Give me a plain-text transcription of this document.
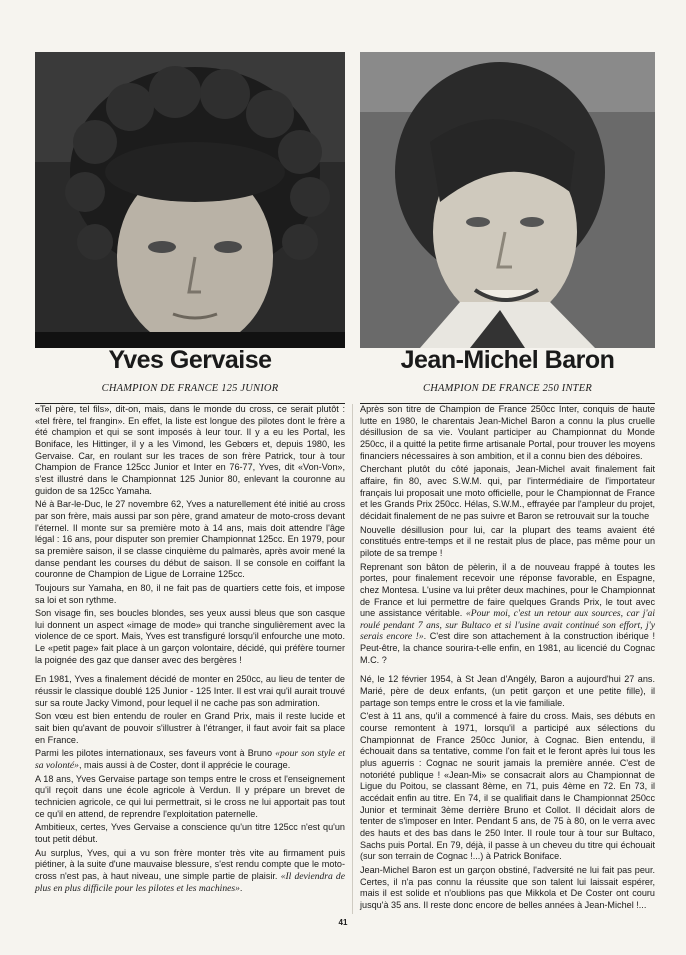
Yves Gervaise
CHAMPION DE FRANCE 125 JUNIOR

«Tel père, tel fils», dit-on, mais, dans le monde du cross, ce serait plutôt : «tel frère, tel frangin». En effet, la liste est longue des pilotes dont le frère a été champion et qui se sont imposés à leur tour. Il y a eu les Portal, les Boniface, les Hittinger, il y a les Vimond, les Gebœrs et, depuis 1980, les Gervaise. Car, en roulant sur les traces de son frère Patrick, tour à tour Champion de France 125cc Junior et Inter en 76-77, Yves, dit «Von-Von», s'est illustré dans le Championnat 125 Junior 80, enlevant la couronne au guidon de sa 125cc Yamaha.

Né à Bar-le-Duc, le 27 novembre 62, Yves a naturellement été initié au cross par son frère, mais aussi par son père, grand amateur de moto-cross devant l'éternel. Il monte sur sa première moto à 14 ans, mais doit attendre l'âge légal : 16 ans, pour disputer son premier Championnat 125cc. En 1979, pour sa première saison, il se classe cinquième du palmarès, après avoir mené la danse pendant les courses du début de saison. Il se console en coiffant la couronne de Champion de Ligue de Lorraine 125cc.

Toujours sur Yamaha, en 80, il ne fait pas de quartiers cette fois, et impose sa loi et son rythme.

Son visage fin, ses boucles blondes, ses yeux aussi bleus que son casque lui donnent un aspect «image de mode» qui tranche singulièrement avec la violence de ce sport. Mais, Yves est transfiguré lorsqu'il enfourche une moto. Le «petit page» fait place à un garçon volontaire, décidé, qui préfère tourner la poignée des gaz que danser avec des bergères !

En 1981, Yves a finalement décidé de monter en 250cc, au lieu de tenter de réussir le classique doublé 125 Junior - 125 Inter. Il est vrai qu'il aurait trouvé sur sa route Jacky Vimond, pour lequel il ne cache pas son admiration.

Son vœu est bien entendu de rouler en Grand Prix, mais il reste lucide et sait bien qu'avant de pouvoir s'illustrer à l'étranger, il faut avoir fait sa place en France.

Parmi les pilotes internationaux, ses faveurs vont à Bruno «pour son style et sa volonté», mais aussi à de Coster, dont il apprécie le courage.

A 18 ans, Yves Gervaise partage son temps entre le cross et l'enseignement qu'il reçoit dans une école agricole à Verdun. Il y prépare un brevet de technicien agricole, ce qui lui permettrait, si le cross ne lui apportait pas tout ce qu'il en attend, de reprendre l'exploitation paternelle.

Ambitieux, certes, Yves Gervaise a conscience qu'un titre 125cc n'est qu'un tout petit début.

Au surplus, Yves, qui a vu son frère monter très vite au firmament puis piétiner, à la suite d'une mauvaise blessure, s'est rendu compte que le moto-cross n'est pas, à haut niveau, une simple partie de plaisir. «Il deviendra de plus en plus difficile pour les pilotes et les machines».

Jean-Michel Baron
CHAMPION DE FRANCE 250 INTER

Après son titre de Champion de France 250cc Inter, conquis de haute lutte en 1980, le charentais Jean-Michel Baron a connu la plus cruelle désillusion de sa vie. Voulant participer au Championnat du Monde 250cc, il a quitté la petite firme artisanale Portal, pour trouver les moyens financiers nécessaires à son ambition, et il a connu bien des déboires.

Cherchant plutôt du côté japonais, Jean-Michel avait finalement fait affaire, fin 80, avec S.W.M. qui, par l'intermédiaire de l'importateur français lui proposait une moto officielle, pour le Championnat de France et les Grands Prix 250cc. Hélas, S.W.M., effrayée par l'ampleur du projet, décidait finalement de ne pas suivre et Baron se retrouvait sur la touche

Nouvelle désillusion pour lui, car la plupart des teams avaient été constitués entre-temps et il ne restait plus de place, pas même pour un pilote de sa trempe !

Reprenant son bâton de pèlerin, il a de nouveau frappé à toutes les portes, pour finalement recevoir une réponse favorable, en Espagne, chez Montesa. L'usine va lui prêter deux machines, pour le Championnat de France et lui permettre de faire quelques Grands Prix, le tout avec une assistance véritable. «Pour moi, c'est un retour aux sources, car j'ai roulé pendant 7 ans, sur Bultaco et si l'usine avait continué son effort, j'y serais encore !». C'est dire son attachement à la construction ibérique ! Peut-être, la chance sourira-t-elle enfin, en 1981, au licencié du Cognac M.C. ?

Né, le 12 février 1954, à St Jean d'Angély, Baron a aujourd'hui 27 ans. Marié, père de deux enfants, (un petit garçon et une petite fille), il partage son temps entre le cross et la vie familiale.

C'est à 11 ans, qu'il a commencé à faire du cross. Mais, ses débuts en course remontent à 1971, lorsqu'il a participé aux sélections du Championnat de France 250cc Junior, à Cognac. Bien entendu, il échouait dans sa tentative, comme l'on fait et le feront après lui tous les plus aguerris : Cognac ne sourit jamais la première année. C'est de notoriété publique ! «Jean-Mi» se consacrait alors au Championnat de Ligue du Poitou, se classant 8ème, en 71, puis 4ème en 72. En 73, il accédait enfin au titre. En 74, il se qualifiait dans le Championnat 250cc Junior et terminait 3ème derrière Bruno et Collot. Il décidait alors de tenter de s'imposer en Inter. Pendant 5 ans, de 75 à 80, on le verra avec des hauts et des bas dans le 250 Inter. Il roule tour à tour sur Bultaco, Sachs puis Portal. En 79, déjà, il passe à un cheveu du titre qui échouait (sur son terrain de Cognac !...) à Patrick Boniface.

Jean-Michel Baron est un garçon obstiné, l'adversité ne lui fait pas peur. Certes, il n'a pas connu la réussite que son talent lui laissait espérer, mais il est solide et n'oublions pas que Mikkola et De Coster ont couru jusqu'à 35 ans. Il reste donc encore de belles années à Jean-Michel !...

41
